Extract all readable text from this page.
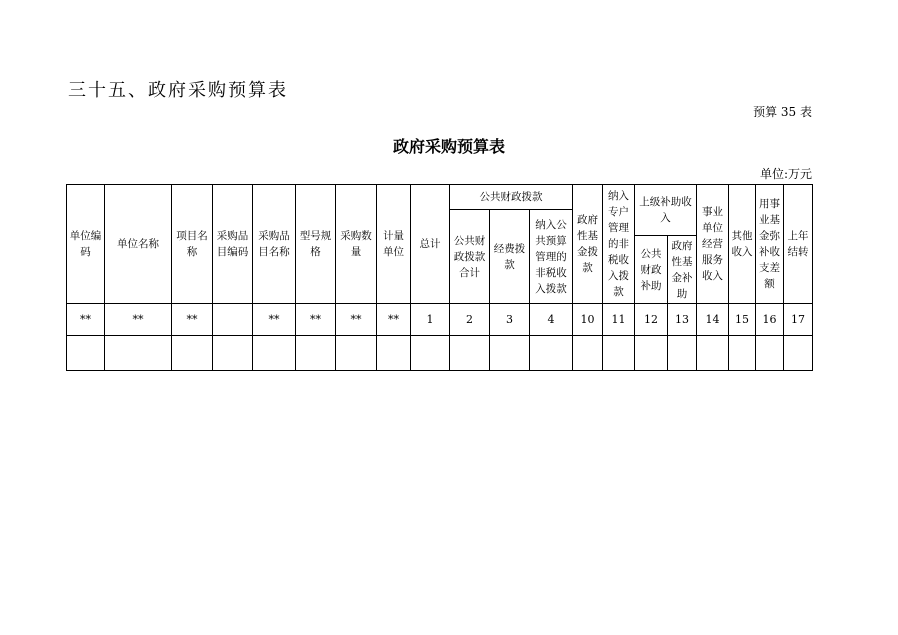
三十五、政府采购预算表
预算 35 表
政府采购预算表
单位:万元
单位编码	单位名称	项目名称	采购品目编码	采购品目名称	型号规格	采购数量	计量单位	总计	公共财政拨款			政府性基金拨款	纳入专户管理的非税收入拨款	上级补助收入		事业单位经营服务收入	其他收入	用事业基金弥补收支差额	上年结转
									公共财政拨款合计	经费拨款	纳入公共预算管理的非税收入拨款								
														公共财政补助	政府性基金补助				
**	**	**		**	**	**	**	1	2	3	4	10	11	12	13	14	15	16	17
